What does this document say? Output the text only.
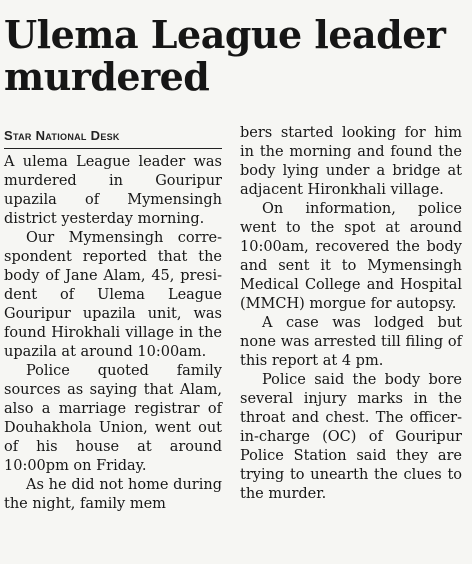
Ulema League leader murdered
Star National Desk

A ulema League leader was murdered in Gouripur upazila of Mymensingh district yesterday morning.

Our Mymensingh correspondent reported that the body of Jane Alam, 45, president of Ulema League Gouripur upazila unit, was found Hirokhali village in the upazila at around 10:00am.

Police quoted family sources as saying that Alam, also a marriage registrar of Douhakhola Union, went out of his house at around 10:00pm on Friday.

As he did not home during the night, family mem

bers started looking for him in the morning and found the body lying under a bridge at adjacent Hironkhali village.

On information, police went to the spot at around 10:00am, recovered the body and sent it to Mymensingh Medical College and Hospital (MMCH) morgue for autopsy.

A case was lodged but none was arrested till filing of this report at 4 pm.

Police said the body bore several injury marks in the throat and chest. The officer-in-charge (OC) of Gouripur Police Station said they are trying to unearth the clues to the murder.
